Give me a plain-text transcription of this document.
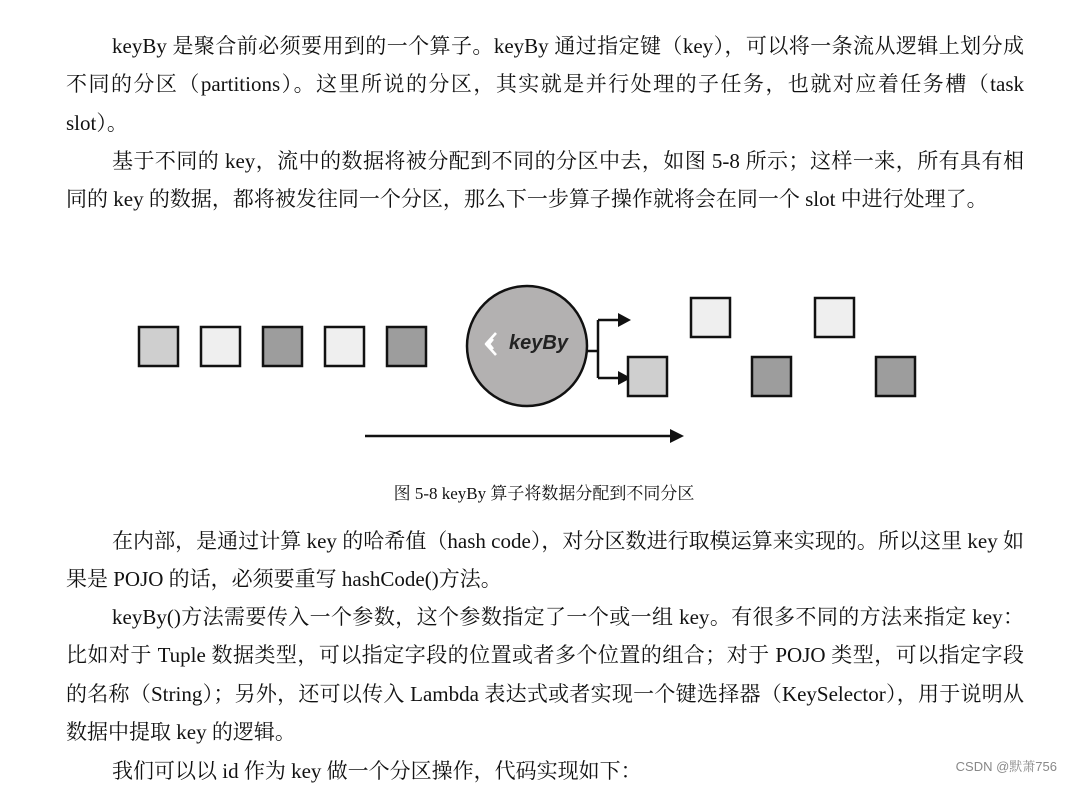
keyBy 是聚合前必须要用到的一个算子。keyBy 通过指定键（key），可以将一条流从逻辑上划分成不同的分区（partitions）。这里所说的分区，其实就是并行处理的子任务，也就对应着任务槽（task slot）。

基于不同的 key，流中的数据将被分配到不同的分区中去，如图 5-8 所示；这样一来，所有具有相同的 key 的数据，都将被发往同一个分区，那么下一步算子操作就将会在同一个 slot 中进行处理了。

keyBy
图 5-8 keyBy 算子将数据分配到不同分区

在内部，是通过计算 key 的哈希值（hash code），对分区数进行取模运算来实现的。所以这里 key 如果是 POJO 的话，必须要重写 hashCode()方法。

keyBy()方法需要传入一个参数，这个参数指定了一个或一组 key。有很多不同的方法来指定 key：比如对于 Tuple 数据类型，可以指定字段的位置或者多个位置的组合；对于 POJO 类型，可以指定字段的名称（String）；另外，还可以传入 Lambda 表达式或者实现一个键选择器（KeySelector），用于说明从数据中提取 key 的逻辑。

我们可以以 id 作为 key 做一个分区操作，代码实现如下：	CSDN @默萧756
